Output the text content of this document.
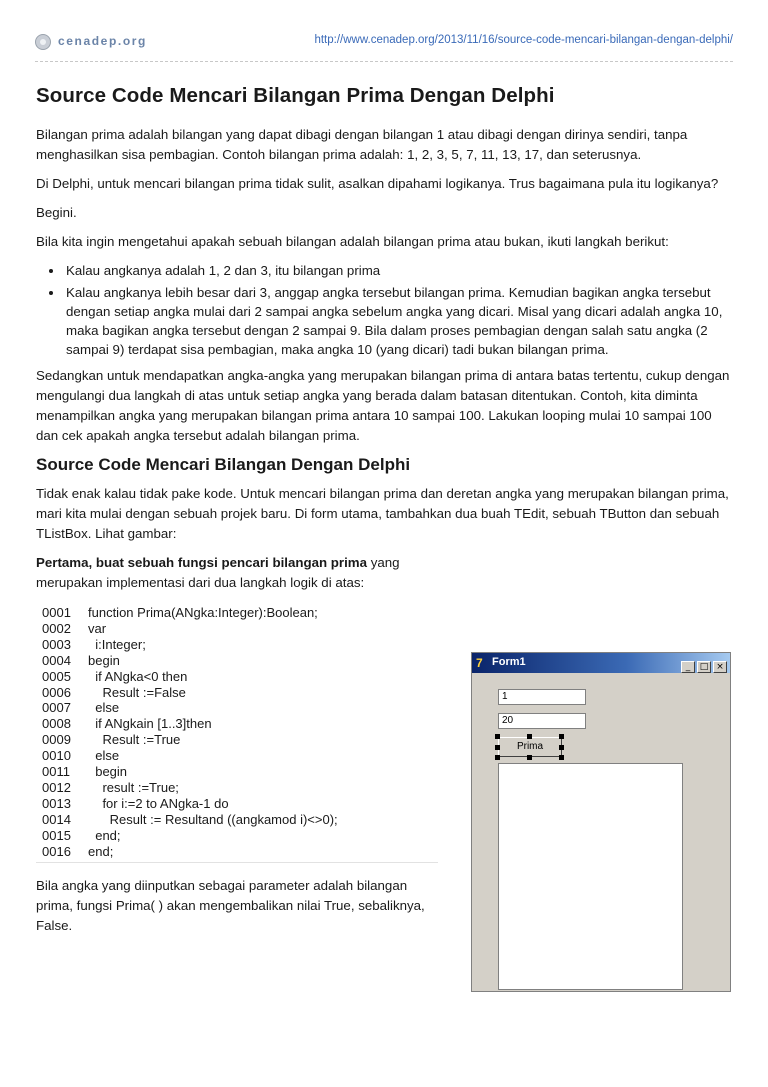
cenadep.org	http://www.cenadep.org/2013/11/16/source-code-mencari-bilangan-dengan-delphi/
Source Code Mencari Bilangan Prima Dengan Delphi

Bilangan prima adalah bilangan yang dapat dibagi dengan bilangan 1 atau dibagi dengan dirinya sendiri, tanpa menghasilkan sisa pembagian. Contoh bilangan prima adalah: 1, 2, 3, 5, 7, 11, 13, 17, dan seterusnya.

Di Delphi, untuk mencari bilangan prima tidak sulit, asalkan dipahami logikanya. Trus bagaimana pula itu logikanya?

Begini.

Bila kita ingin mengetahui apakah sebuah bilangan adalah bilangan prima atau bukan, ikuti langkah berikut:

• Kalau angkanya adalah 1, 2 dan 3, itu bilangan prima
• Kalau angkanya lebih besar dari 3, anggap angka tersebut bilangan prima. Kemudian bagikan angka tersebut dengan setiap angka mulai dari 2 sampai angka sebelum angka yang dicari. Misal yang dicari adalah angka 10, maka bagikan angka tersebut dengan 2 sampai 9. Bila dalam proses pembagian dengan salah satu angka (2 sampai 9) terdapat sisa pembagian, maka angka 10 (yang dicari) tadi bukan bilangan prima.

Sedangkan untuk mendapatkan angka-angka yang merupakan bilangan prima di antara batas tertentu, cukup dengan mengulangi dua langkah di atas untuk setiap angka yang berada dalam batasan ditentukan. Contoh, kita diminta menampilkan angka yang merupakan bilangan prima antara 10 sampai 100. Lakukan looping mulai 10 sampai 100 dan cek apakah angka tersebut adalah bilangan prima.

Source Code Mencari Bilangan Dengan Delphi

Tidak enak kalau tidak pake kode. Untuk mencari bilangan prima dan deretan angka yang merupakan bilangan prima, mari kita mulai dengan sebuah projek baru. Di form utama, tambahkan dua buah TEdit, sebuah TButton dan sebuah TListBox. Lihat gambar:

Pertama, buat sebuah fungsi pencari bilangan prima yang merupakan implementasi dari dua langkah logik di atas:

0001 function Prima(ANgka:Integer):Boolean;
0002 var
0003  i:Integer;
0004 begin
0005  if ANgka<0 then
0006    Result :=False
0007  else
0008  if ANgkain [1..3]then
0009    Result :=True
0010  else
0011  begin
0012    result :=True;
0013    for i:=2 to ANgka-1 do
0014      Result := Resultand ((angkamod i)<>0);
0015  end;
0016 end;

Bila angka yang diinputkan sebagai parameter adalah bilangan prima, fungsi Prima( ) akan mengembalikan nilai True, sebaliknya, False.

7 Form1	_ □ ×
1
20
Prima
